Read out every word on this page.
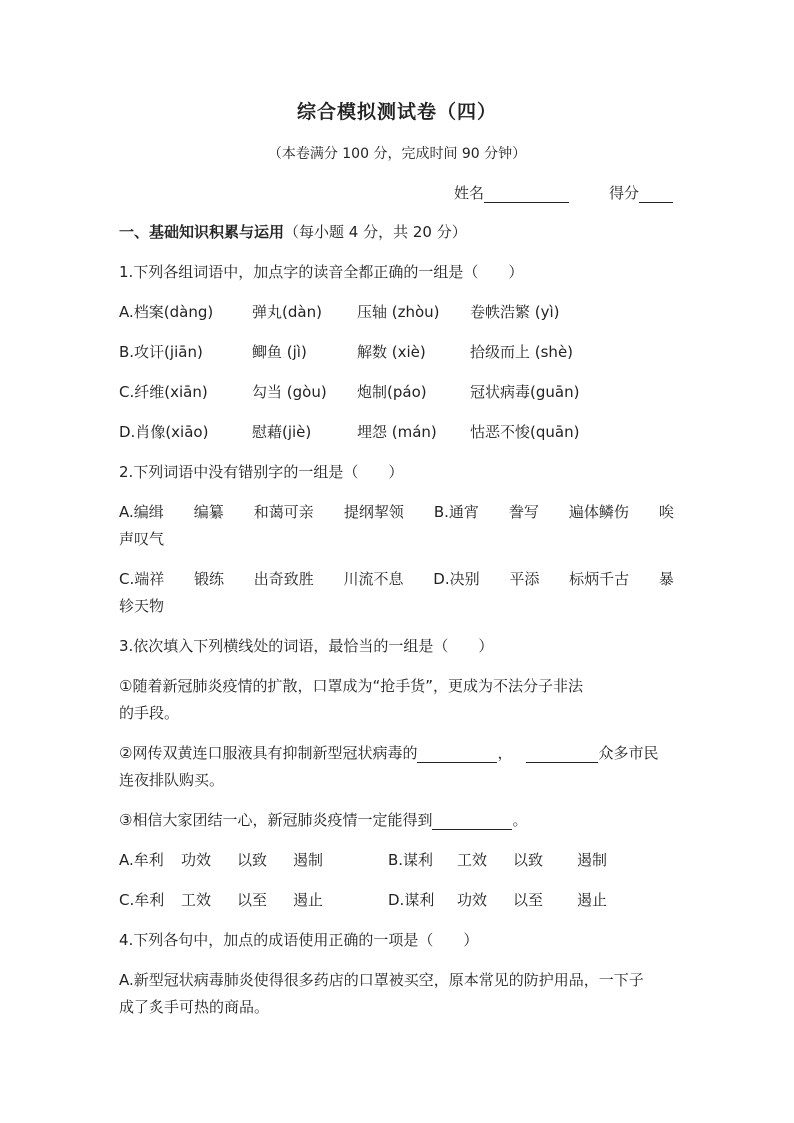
综合模拟测试卷（四）
（本卷满分 100 分，完成时间 90 分钟）
姓名	得分
一、基础知识积累与运用（每小题 4 分，共 20 分）
1.下列各组词语中，加点字的读音全都正确的一组是（　　）
A.档案(dàng)	弹丸(dàn) 压轴 (zhòu) 卷帙浩繁 (yì)
B.攻讦(jiān)	鲫鱼 (jì)	解数 (xiè)	拾级而上 (shè)
C.纤维(xiān)	勾当 (gòu) 炮制(páo)	冠状病毒(guān)
D.肖像(xiāo)	慰藉(jiè)	埋怨 (mán) 怙恶不悛(quān)
2.下列词语中没有错别字的一组是（　　）
A.编缉 编纂 和蔼可亲 提纲挈领 B.通宵 誊写 遍体鳞伤 唉
声叹气
C.端祥 锻练 出奇致胜 川流不息 D.决别 平添 标炳千古 暴
轸天物
3.依次填入下列横线处的词语，最恰当的一组是（　　）
①随着新冠肺炎疫情的扩散，口罩成为“抢手货”，更成为不法分子非法
的手段。
②网传双黄连口服液具有抑制新型冠状病毒的	，	众多市民
连夜排队购买。
③相信大家团结一心，新冠肺炎疫情一定能得到	。
A.牟利 功效 以致 遏制	B.谋利 工效 以致 遏制
C.牟利 工效 以至 遏止	D.谋利 功效 以至 遏止
4.下列各句中，加点的成语使用正确的一项是（　　）
A.新型冠状病毒肺炎使得很多药店的口罩被买空，原本常见的防护用品，一下子
成了炙手可热的商品。
